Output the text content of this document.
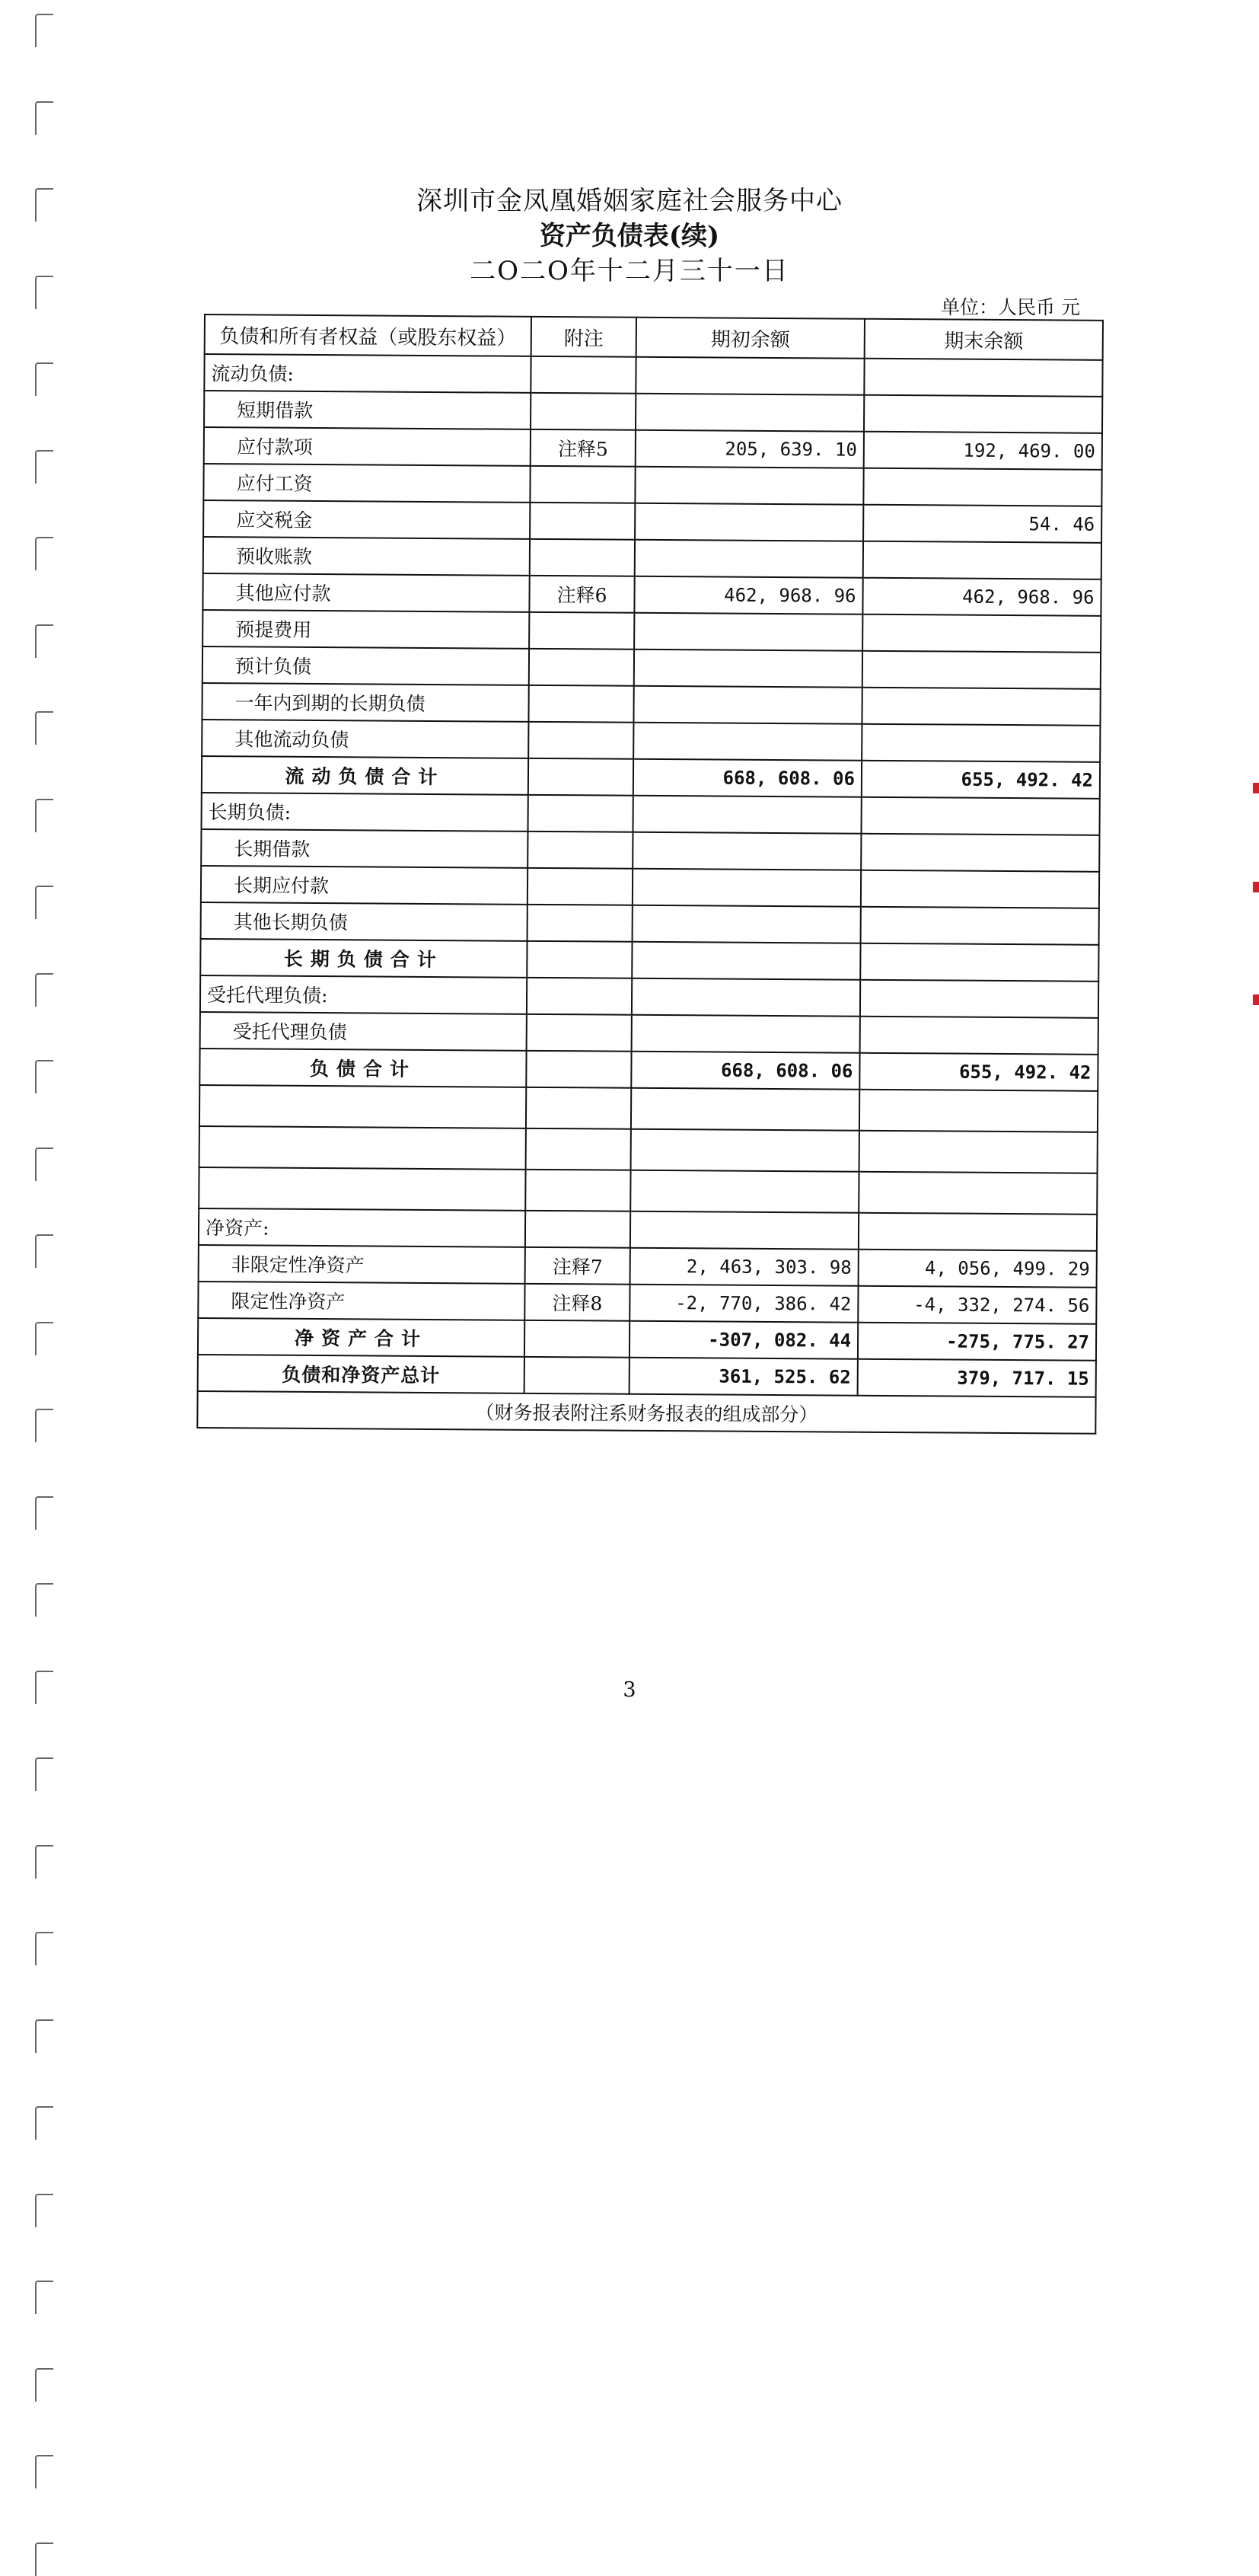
深圳市金凤凰婚姻家庭社会服务中心
资产负债表(续)
二O二O年十二月三十一日
单位：人民币 元
负债和所有者权益（或股东权益）	附注	期初余额	期末余额
流动负债:			
短期借款			
应付款项	注释5	205, 639. 10	192, 469. 00
应付工资			
应交税金			54. 46
预收账款			
其他应付款	注释6	462, 968. 96	462, 968. 96
预提费用			
预计负债			
一年内到期的长期负债			
其他流动负债			
流动负债合计		668, 608. 06	655, 492. 42
长期负债:			
长期借款			
长期应付款			
其他长期负债			
长期负债合计			
受托代理负债:			
受托代理负债			
负债合计		668, 608. 06	655, 492. 42

净资产:			
非限定性净资产	注释7	2, 463, 303. 98	4, 056, 499. 29
限定性净资产	注释8	-2, 770, 386. 42	-4, 332, 274. 56
净资产合计		-307, 082. 44	-275, 775. 27
负债和净资产总计		361, 525. 62	379, 717. 15
（财务报表附注系财务报表的组成部分）			
3
